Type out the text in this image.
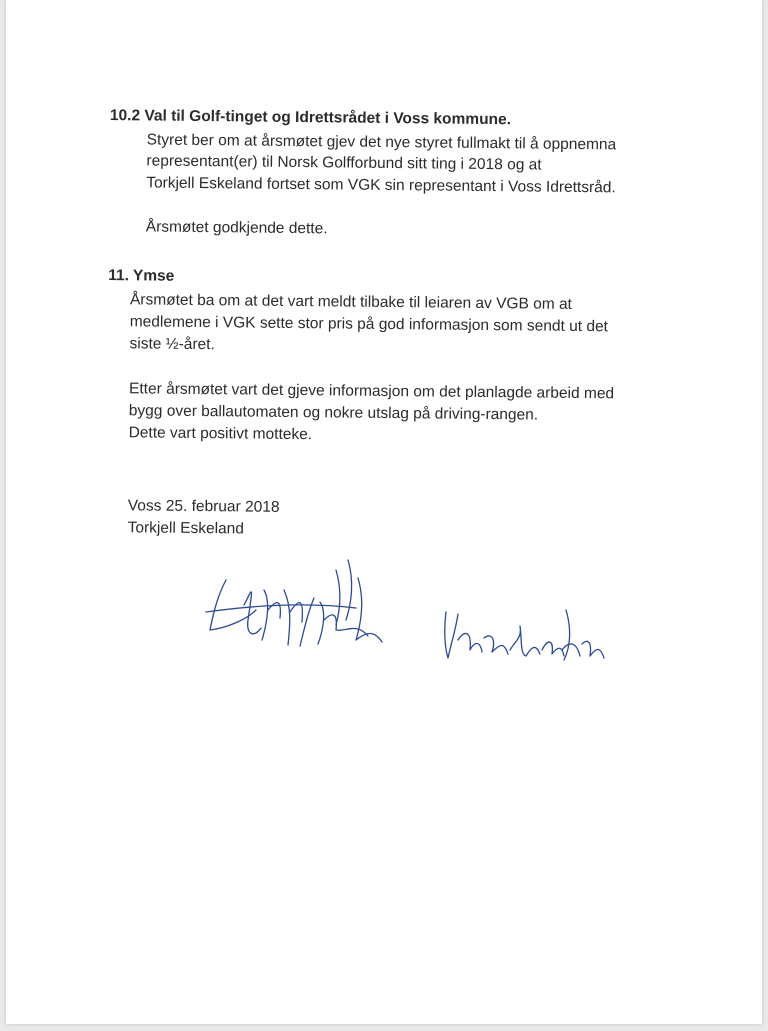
10.2 Val til Golf-tinget og Idrettsrådet i Voss kommune.
Styret ber om at årsmøtet gjev det nye styret fullmakt til å oppnemna
representant(er) til Norsk Golfforbund sitt ting i 2018 og at
Torkjell Eskeland fortset som VGK sin representant i Voss Idrettsråd.
Årsmøtet godkjende dette.
11. Ymse
Årsmøtet ba om at det vart meldt tilbake til leiaren av VGB om at
medlemene i VGK sette stor pris på god informasjon som sendt ut det
siste ½-året.
Etter årsmøtet vart det gjeve informasjon om det planlagde arbeid med
bygg over ballautomaten og nokre utslag på driving-rangen.
Dette vart positivt motteke.
Voss 25. februar 2018
Torkjell Eskeland
